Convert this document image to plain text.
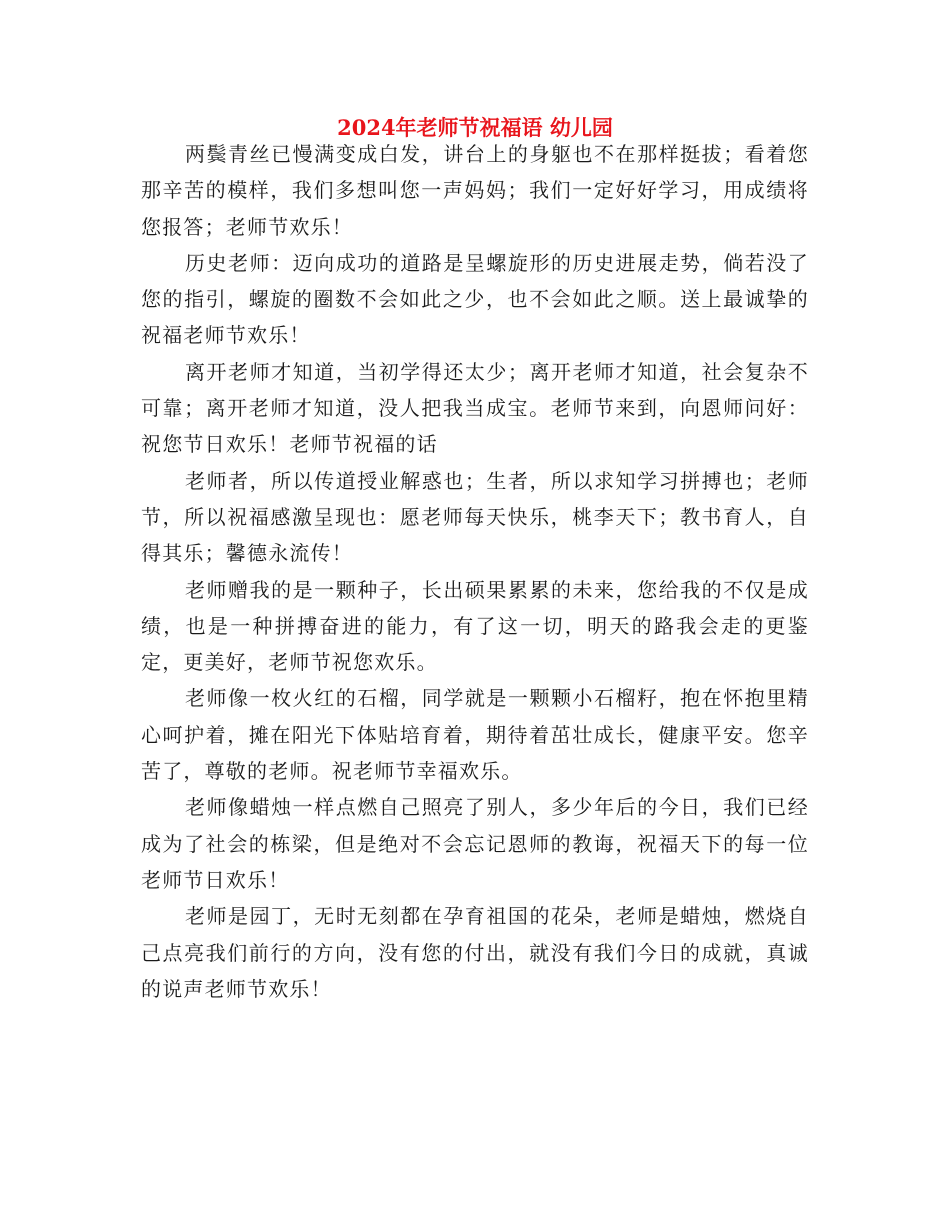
2024年老师节祝福语 幼儿园

两鬓青丝已慢满变成白发，讲台上的身躯也不在那样挺拔；看着您那辛苦的模样，我们多想叫您一声妈妈；我们一定好好学习，用成绩将您报答；老师节欢乐！

历史老师：迈向成功的道路是呈螺旋形的历史进展走势，倘若没了您的指引，螺旋的圈数不会如此之少，也不会如此之顺。送上最诚挚的祝福老师节欢乐！

离开老师才知道，当初学得还太少；离开老师才知道，社会复杂不可靠；离开老师才知道，没人把我当成宝。老师节来到，向恩师问好：祝您节日欢乐！老师节祝福的话

老师者，所以传道授业解惑也；生者，所以求知学习拼搏也；老师节，所以祝福感激呈现也：愿老师每天快乐，桃李天下；教书育人，自得其乐；馨德永流传！

老师赠我的是一颗种子，长出硕果累累的未来，您给我的不仅是成绩，也是一种拼搏奋进的能力，有了这一切，明天的路我会走的更鉴定，更美好，老师节祝您欢乐。

老师像一枚火红的石榴，同学就是一颗颗小石榴籽，抱在怀抱里精心呵护着，摊在阳光下体贴培育着，期待着茁壮成长，健康平安。您辛苦了，尊敬的老师。祝老师节幸福欢乐。

老师像蜡烛一样点燃自己照亮了别人，多少年后的今日，我们已经成为了社会的栋梁，但是绝对不会忘记恩师的教诲，祝福天下的每一位老师节日欢乐！

老师是园丁，无时无刻都在孕育祖国的花朵，老师是蜡烛，燃烧自己点亮我们前行的方向，没有您的付出，就没有我们今日的成就，真诚的说声老师节欢乐！
